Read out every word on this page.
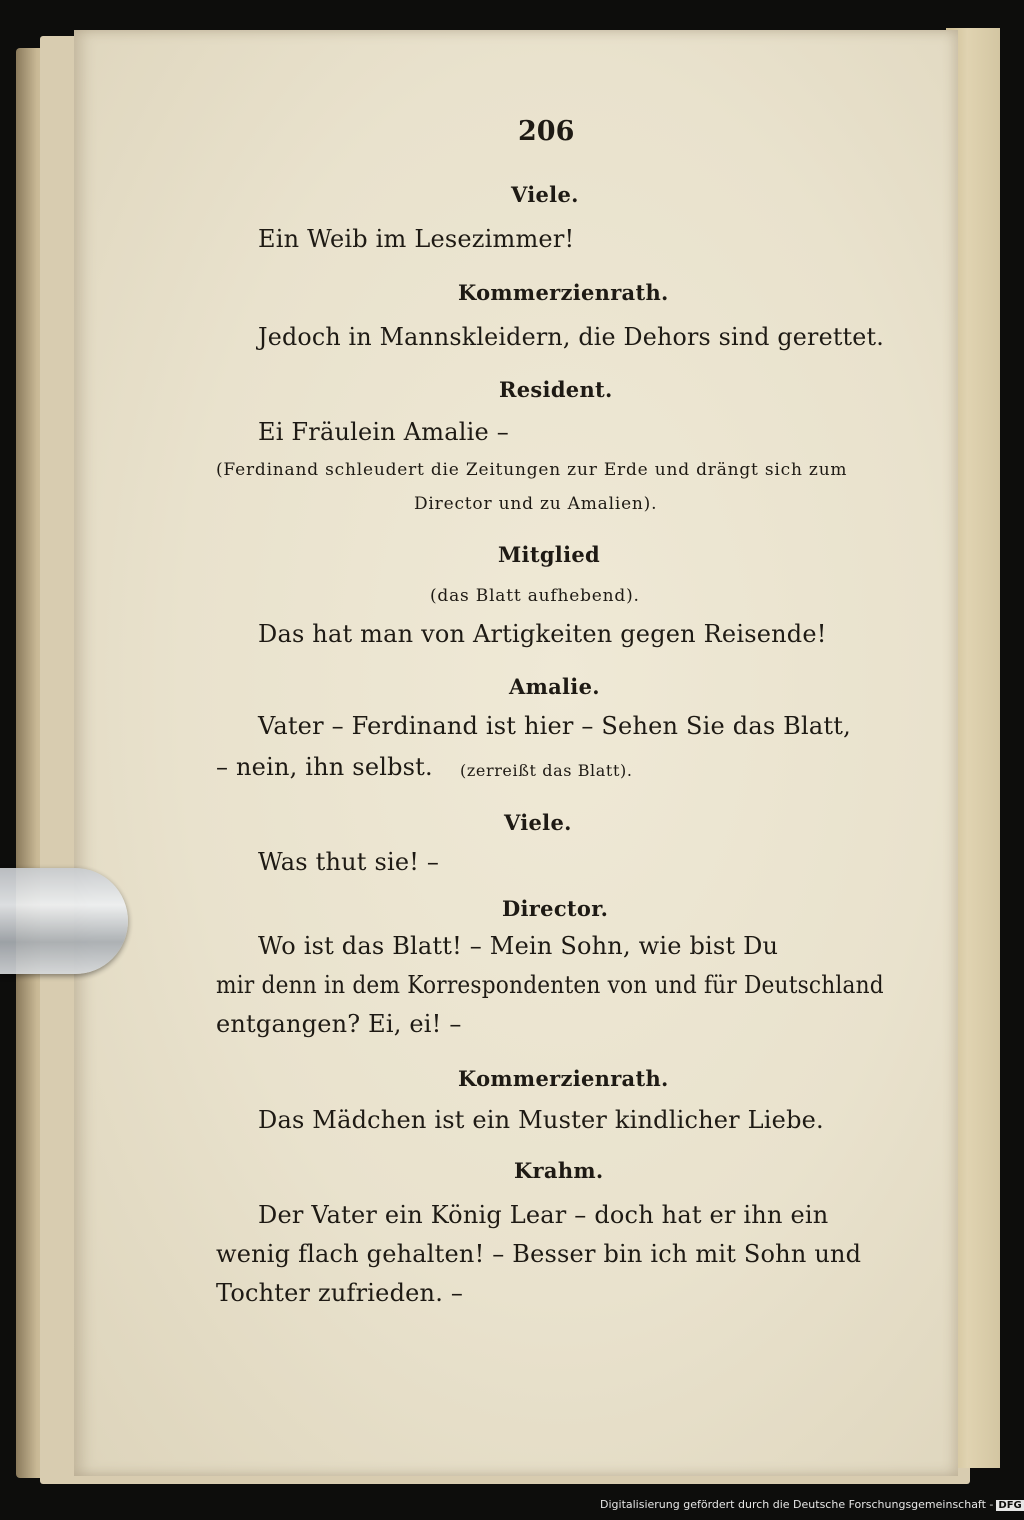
206
Viele.
Ein Weib im Lesezimmer!
Kommerzienrath.
Jedoch in Mannskleidern, die Dehors sind gerettet.
Resident.
Ei Fräulein Amalie –
(Ferdinand schleudert die Zeitungen zur Erde und drängt sich zum
Director und zu Amalien).
Mitglied
(das Blatt aufhebend).
Das hat man von Artigkeiten gegen Reisende!
Amalie.
Vater – Ferdinand ist hier – Sehen Sie das Blatt,
– nein, ihn selbst. (zerreißt das Blatt).
Viele.
Was thut sie! –
Director.
Wo ist das Blatt! – Mein Sohn, wie bist Du
mir denn in dem Korrespondenten von und für Deutschland
entgangen? Ei, ei! –
Kommerzienrath.
Das Mädchen ist ein Muster kindlicher Liebe.
Krahm.
Der Vater ein König Lear – doch hat er ihn ein
wenig flach gehalten! – Besser bin ich mit Sohn und
Tochter zufrieden. –
Digitalisierung gefördert durch die Deutsche Forschungsgemeinschaft - DFG
